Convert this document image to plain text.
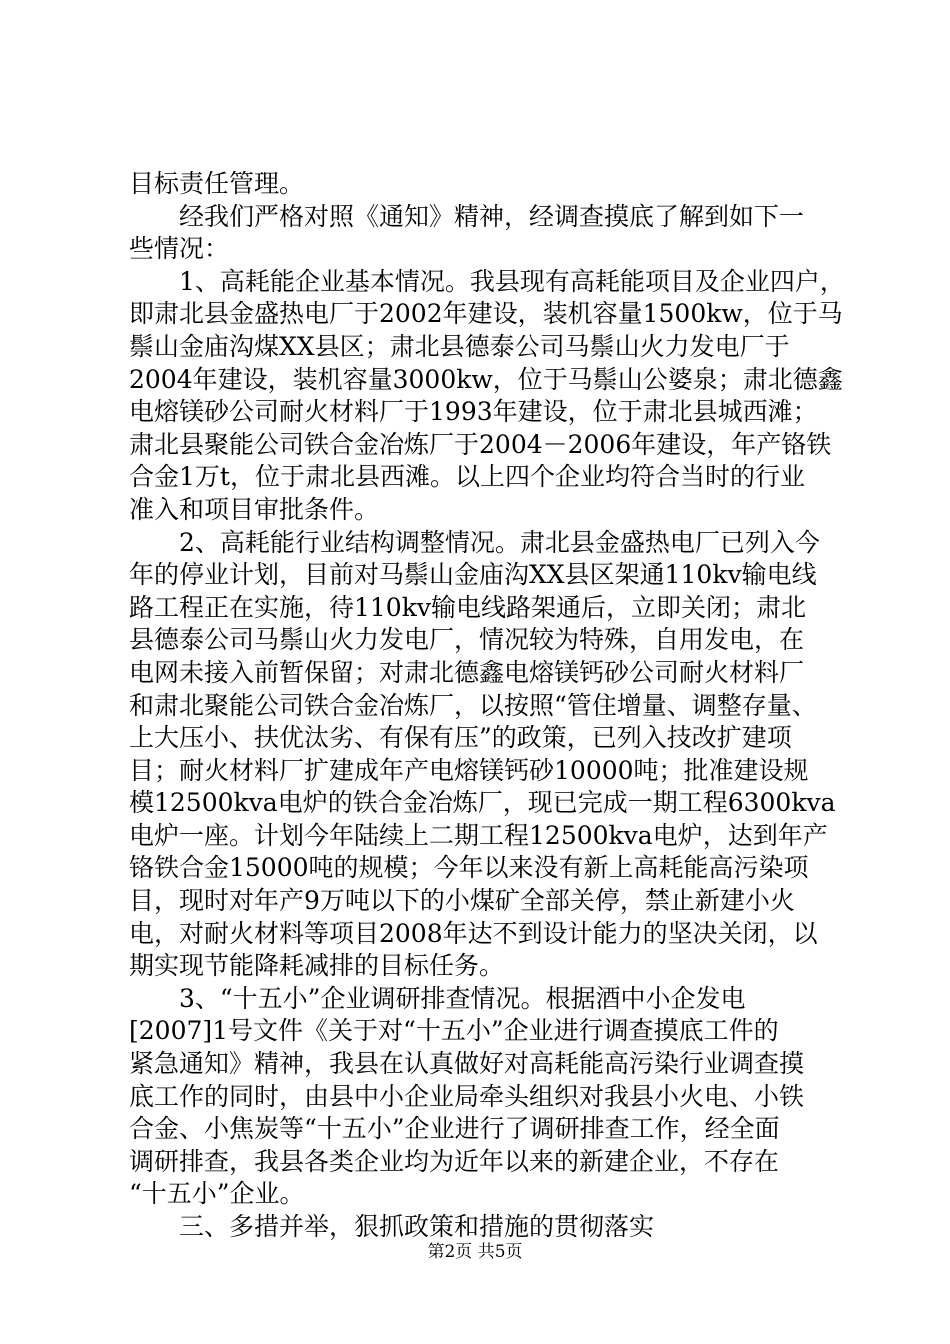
目标责任管理。
　　经我们严格对照《通知》精神，经调查摸底了解到如下一
些情况：
　　1、高耗能企业基本情况。我县现有高耗能项目及企业四户，
即肃北县金盛热电厂于2002年建设，装机容量1500kw，位于马
鬃山金庙沟煤XX县区；肃北县德泰公司马鬃山火力发电厂于
2004年建设，装机容量3000kw，位于马鬃山公婆泉；肃北德鑫
电熔镁砂公司耐火材料厂于1993年建设，位于肃北县城西滩；
肃北县聚能公司铁合金冶炼厂于2004－2006年建设，年产铬铁
合金1万t，位于肃北县西滩。以上四个企业均符合当时的行业
准入和项目审批条件。
　　2、高耗能行业结构调整情况。肃北县金盛热电厂已列入今
年的停业计划，目前对马鬃山金庙沟XX县区架通110kv输电线
路工程正在实施，待110kv输电线路架通后，立即关闭；肃北
县德泰公司马鬃山火力发电厂，情况较为特殊，自用发电，在
电网未接入前暂保留；对肃北德鑫电熔镁钙砂公司耐火材料厂
和肃北聚能公司铁合金冶炼厂，以按照“管住增量、调整存量、
上大压小、扶优汰劣、有保有压”的政策，已列入技改扩建项
目；耐火材料厂扩建成年产电熔镁钙砂10000吨；批准建设规
模12500kva电炉的铁合金冶炼厂，现已完成一期工程6300kva
电炉一座。计划今年陆续上二期工程12500kva电炉，达到年产
铬铁合金15000吨的规模；今年以来没有新上高耗能高污染项
目，现时对年产9万吨以下的小煤矿全部关停，禁止新建小火
电，对耐火材料等项目2008年达不到设计能力的坚决关闭，以
期实现节能降耗减排的目标任务。
　　3、“十五小”企业调研排查情况。根据酒中小企发电
[2007]1号文件《关于对“十五小”企业进行调查摸底工件的
紧急通知》精神，我县在认真做好对高耗能高污染行业调查摸
底工作的同时，由县中小企业局牵头组织对我县小火电、小铁
合金、小焦炭等“十五小”企业进行了调研排查工作，经全面
调研排查，我县各类企业均为近年以来的新建企业，不存在
“十五小”企业。
　　三、多措并举，狠抓政策和措施的贯彻落实
第2页 共5页
